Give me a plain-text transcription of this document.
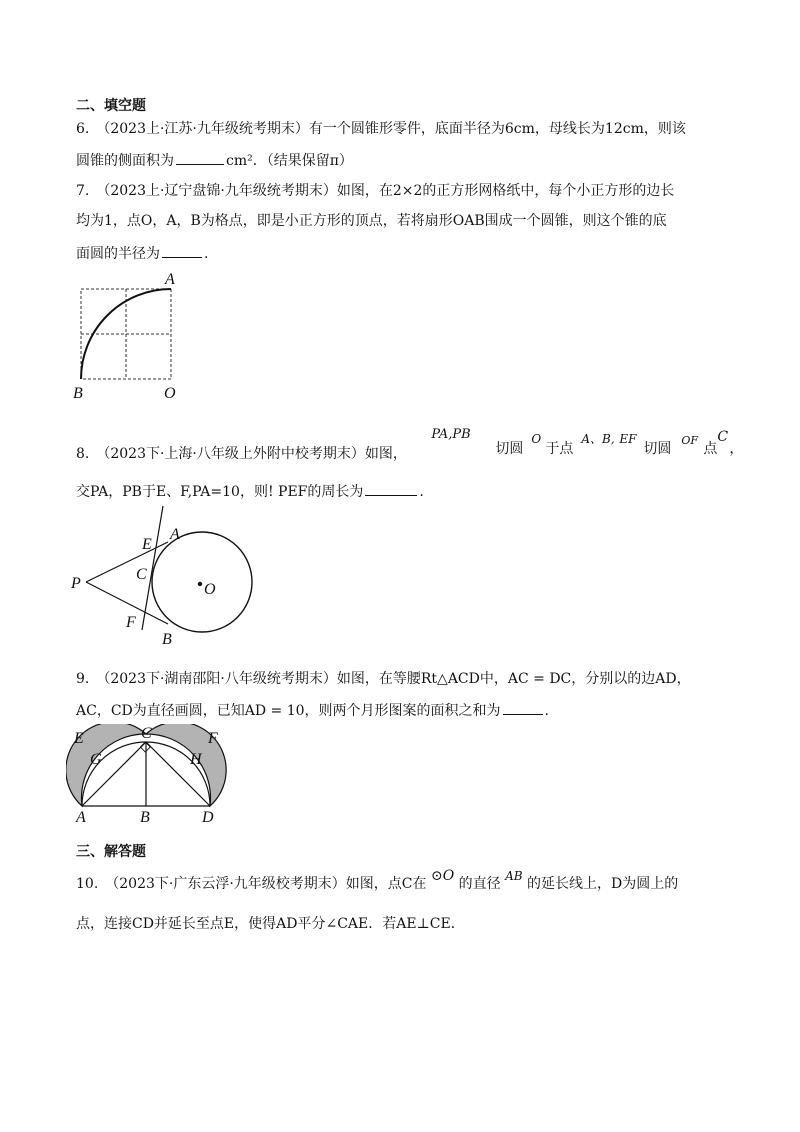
二、填空题
6.　（2023上·江苏·九年级统考期末）有一个圆锥形零件，底面半径为6cm，母线长为12cm，则该
圆锥的侧面积为	cm²．（结果保留π）
7.　（2023上·辽宁盘锦·九年级统考期末）如图，在2×2的正方形网格纸中，每个小正方形的边长
均为1，点O，A，B为格点，即是小正方形的顶点，若将扇形OAB围成一个圆锥，则这个锥的底
面圆的半径为	.
A
B	O
8.　（2023下·上海·八年级上外附中校考期末）如图，
PA,PB
切圆
O
于点
A、B, EF
切圆
OF
点
C
，
交PA，PB于E、F,PA=10，则! PEF的周长为	.
P
E
A
C
O
F
B
9.　（2023下·湖南邵阳·八年级统考期末）如图，在等腰Rt△ACD中，AC = DC，分别以的边AD，
AC，CD为直径画圆，已知AD = 10，则两个月形图案的面积之和为	.
E	C	F
G	H
A	B	D
三、解答题
10.　（2023下·广东云浮·九年级校考期末）如图，点C在 ⊙O 的直径 AB 的延长线上，D为圆上的
点，连接CD并延长至点E，使得AD平分∠CAE．若AE⊥CE．
